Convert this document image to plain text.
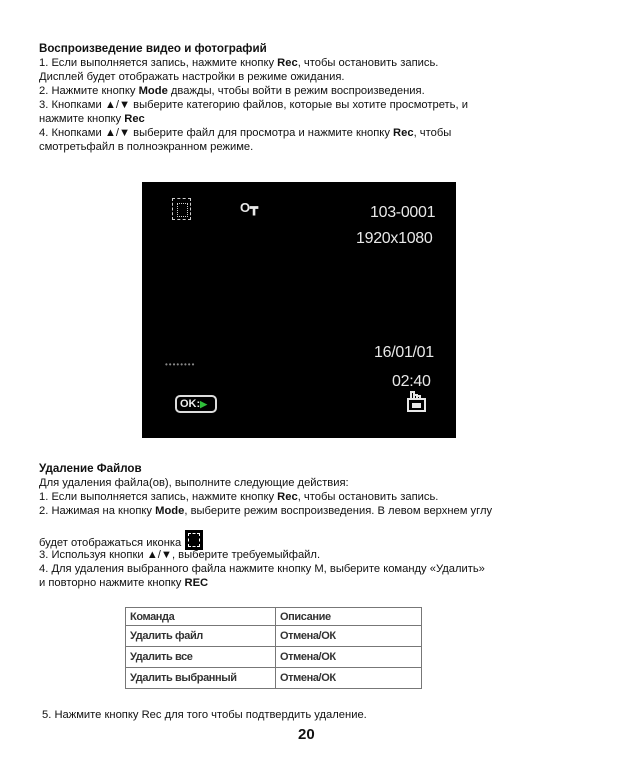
Воспроизведение видео и фотографий
1. Если выполняется запись, нажмите кнопку Rec, чтобы остановить запись.
Дисплей будет отображать настройки в режиме ожидания.
2. Нажмите кнопку Mode дважды, чтобы войти в режим воспроизведения.
3. Кнопками ▲/▼ выберите категорию файлов, которые вы хотите просмотреть, и
нажмите кнопку Rec
4. Кнопками ▲/▼ выберите файл для просмотра и нажмите кнопку Rec, чтобы
смотретьфайл в полноэкранном режиме.
O┳	103-0001
1920x1080
••••••••
16/01/01
02:40
OK:▶
Удаление Файлов
Для удаления файла(ов), выполните следующие действия:
1. Если выполняется запись, нажмите кнопку Rec, чтобы остановить запись.
2. Нажимая на кнопку Mode, выберите режим воспроизведения. В левом верхнем углу
будет отображаться иконка
3. Используя кнопки ▲/▼, выберите требуемыйфайл.
4. Для удаления выбранного файла нажмите кнопку М, выберите команду «Удалить»
и повторно нажмите кнопку REC
Команда	Описание
Удалить файл	Отмена/ОК
Удалить все	Отмена/ОК
Удалить выбранный	Отмена/ОК
5. Нажмите кнопку Rec для того чтобы подтвердить удаление.
20
